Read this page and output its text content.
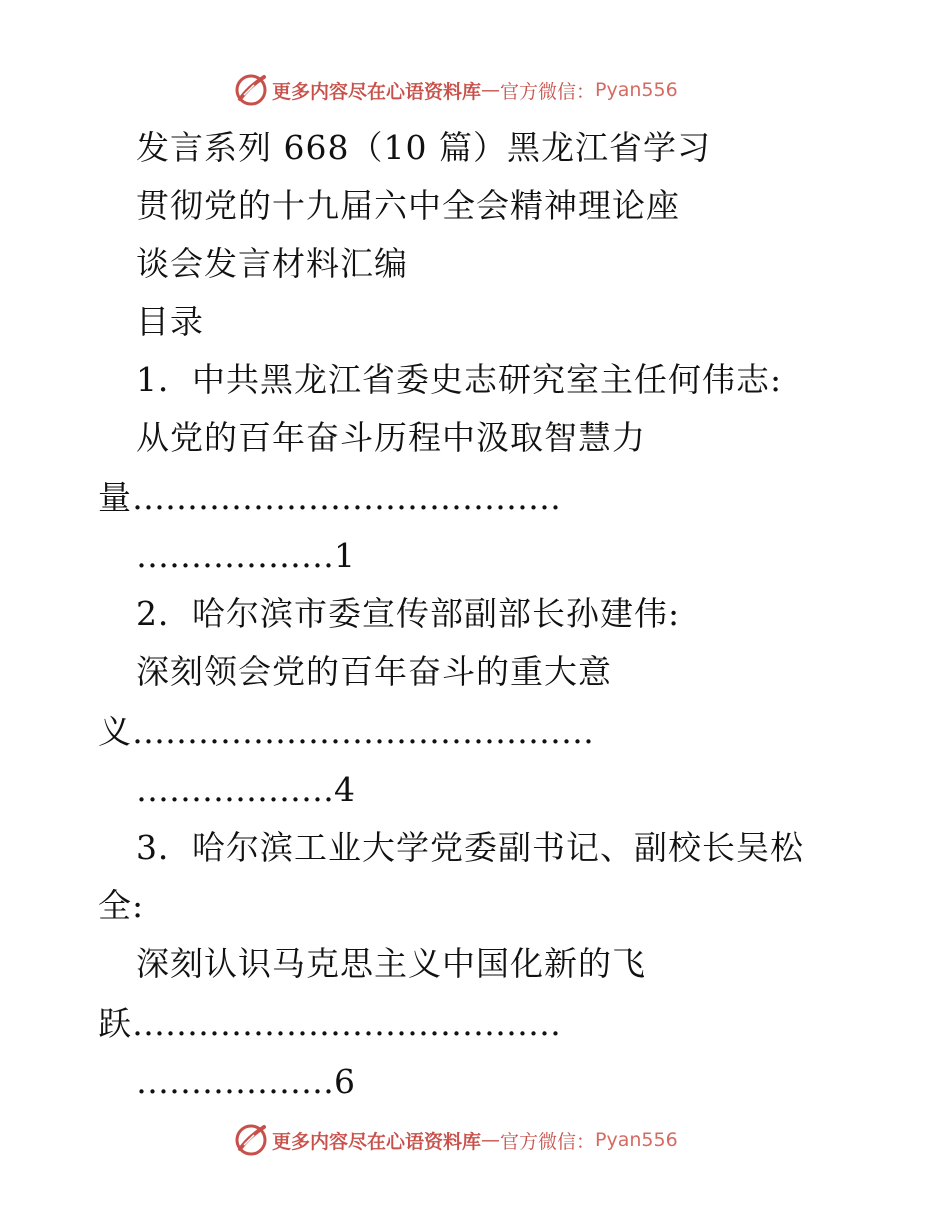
更多内容尽在心语资料库 — 官方微信： Pyan556
发言系列 668（10 篇）黑龙江省学习
贯彻党的十九届六中全会精神理论座
谈会发言材料汇编
目录
1．中共黑龙江省委史志研究室主任何伟志:
从党的百年奋斗历程中汲取智慧力
量…………………………………
………………1
2．哈尔滨市委宣传部副部长孙建伟:
深刻领会党的百年奋斗的重大意
义……………………………………
………………4
3．哈尔滨工业大学党委副书记、副校长吴松
全:
深刻认识马克思主义中国化新的飞
跃…………………………………
………………6
更多内容尽在心语资料库 — 官方微信： Pyan556
